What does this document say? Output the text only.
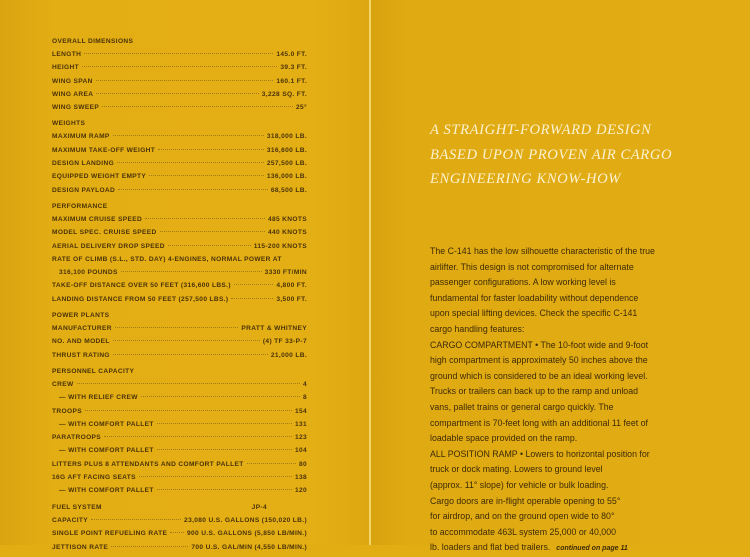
OVERALL DIMENSIONS
LENGTH	145.0 FT.
HEIGHT	39.3 FT.
WING SPAN	160.1 FT.
WING AREA	3,228 SQ. FT.
WING SWEEP	25°
WEIGHTS
MAXIMUM RAMP	318,000 LB.
MAXIMUM TAKE-OFF WEIGHT	316,600 LB.
DESIGN LANDING	257,500 LB.
EQUIPPED WEIGHT EMPTY	136,000 LB.
DESIGN PAYLOAD	68,500 LB.
PERFORMANCE
MAXIMUM CRUISE SPEED	485 KNOTS
MODEL SPEC. CRUISE SPEED	440 KNOTS
AERIAL DELIVERY DROP SPEED	115-200 KNOTS
RATE OF CLIMB (S.L., STD. DAY) 4-ENGINES, NORMAL POWER AT
316,100 POUNDS	3330 FT/MIN
TAKE-OFF DISTANCE OVER 50 FEET (316,600 LBS.)	4,800 FT.
LANDING DISTANCE FROM 50 FEET (257,500 LBS.)	3,500 FT.
POWER PLANTS
MANUFACTURER	PRATT & WHITNEY
NO. AND MODEL	(4) TF 33-P-7
THRUST RATING	21,000 LB.
PERSONNEL CAPACITY
CREW	4
— WITH RELIEF CREW	8
TROOPS	154
— WITH COMFORT PALLET	131
PARATROOPS	123
— WITH COMFORT PALLET	104
LITTERS PLUS 8 ATTENDANTS AND COMFORT PALLET	80
16G AFT FACING SEATS	138
— WITH COMFORT PALLET	120
FUEL SYSTEM	JP-4
CAPACITY	23,080 U.S. GALLONS (150,020 LB.)
SINGLE POINT REFUELING RATE	900 U.S. GALLONS (5,850 LB/MIN.)
JETTISON RATE	700 U.S. GAL/MIN (4,550 LB/MIN.)
A STRAIGHT-FORWARD DESIGN
BASED UPON PROVEN AIR CARGO
ENGINEERING KNOW-HOW
The C-141 has the low silhouette characteristic of the true
airlifter. This design is not compromised for alternate
passenger configurations. A low working level is
fundamental for faster loadability without dependence
upon special lifting devices. Check the specific C-141
cargo handling features:
CARGO COMPARTMENT • The 10-foot wide and 9-foot
high compartment is approximately 50 inches above the
ground which is considered to be an ideal working level.
Trucks or trailers can back up to the ramp and unload
vans, pallet trains or general cargo quickly. The
compartment is 70-feet long with an additional 11 feet of
loadable space provided on the ramp.
ALL POSITION RAMP • Lowers to horizontal position for
truck or dock mating. Lowers to ground level
(approx. 11° slope) for vehicle or bulk loading.
Cargo doors are in-flight operable opening to 55°
for airdrop, and on the ground open wide to 80°
to accommodate 463L system 25,000 or 40,000
lb. loaders and flat bed trailers. continued on page 11
